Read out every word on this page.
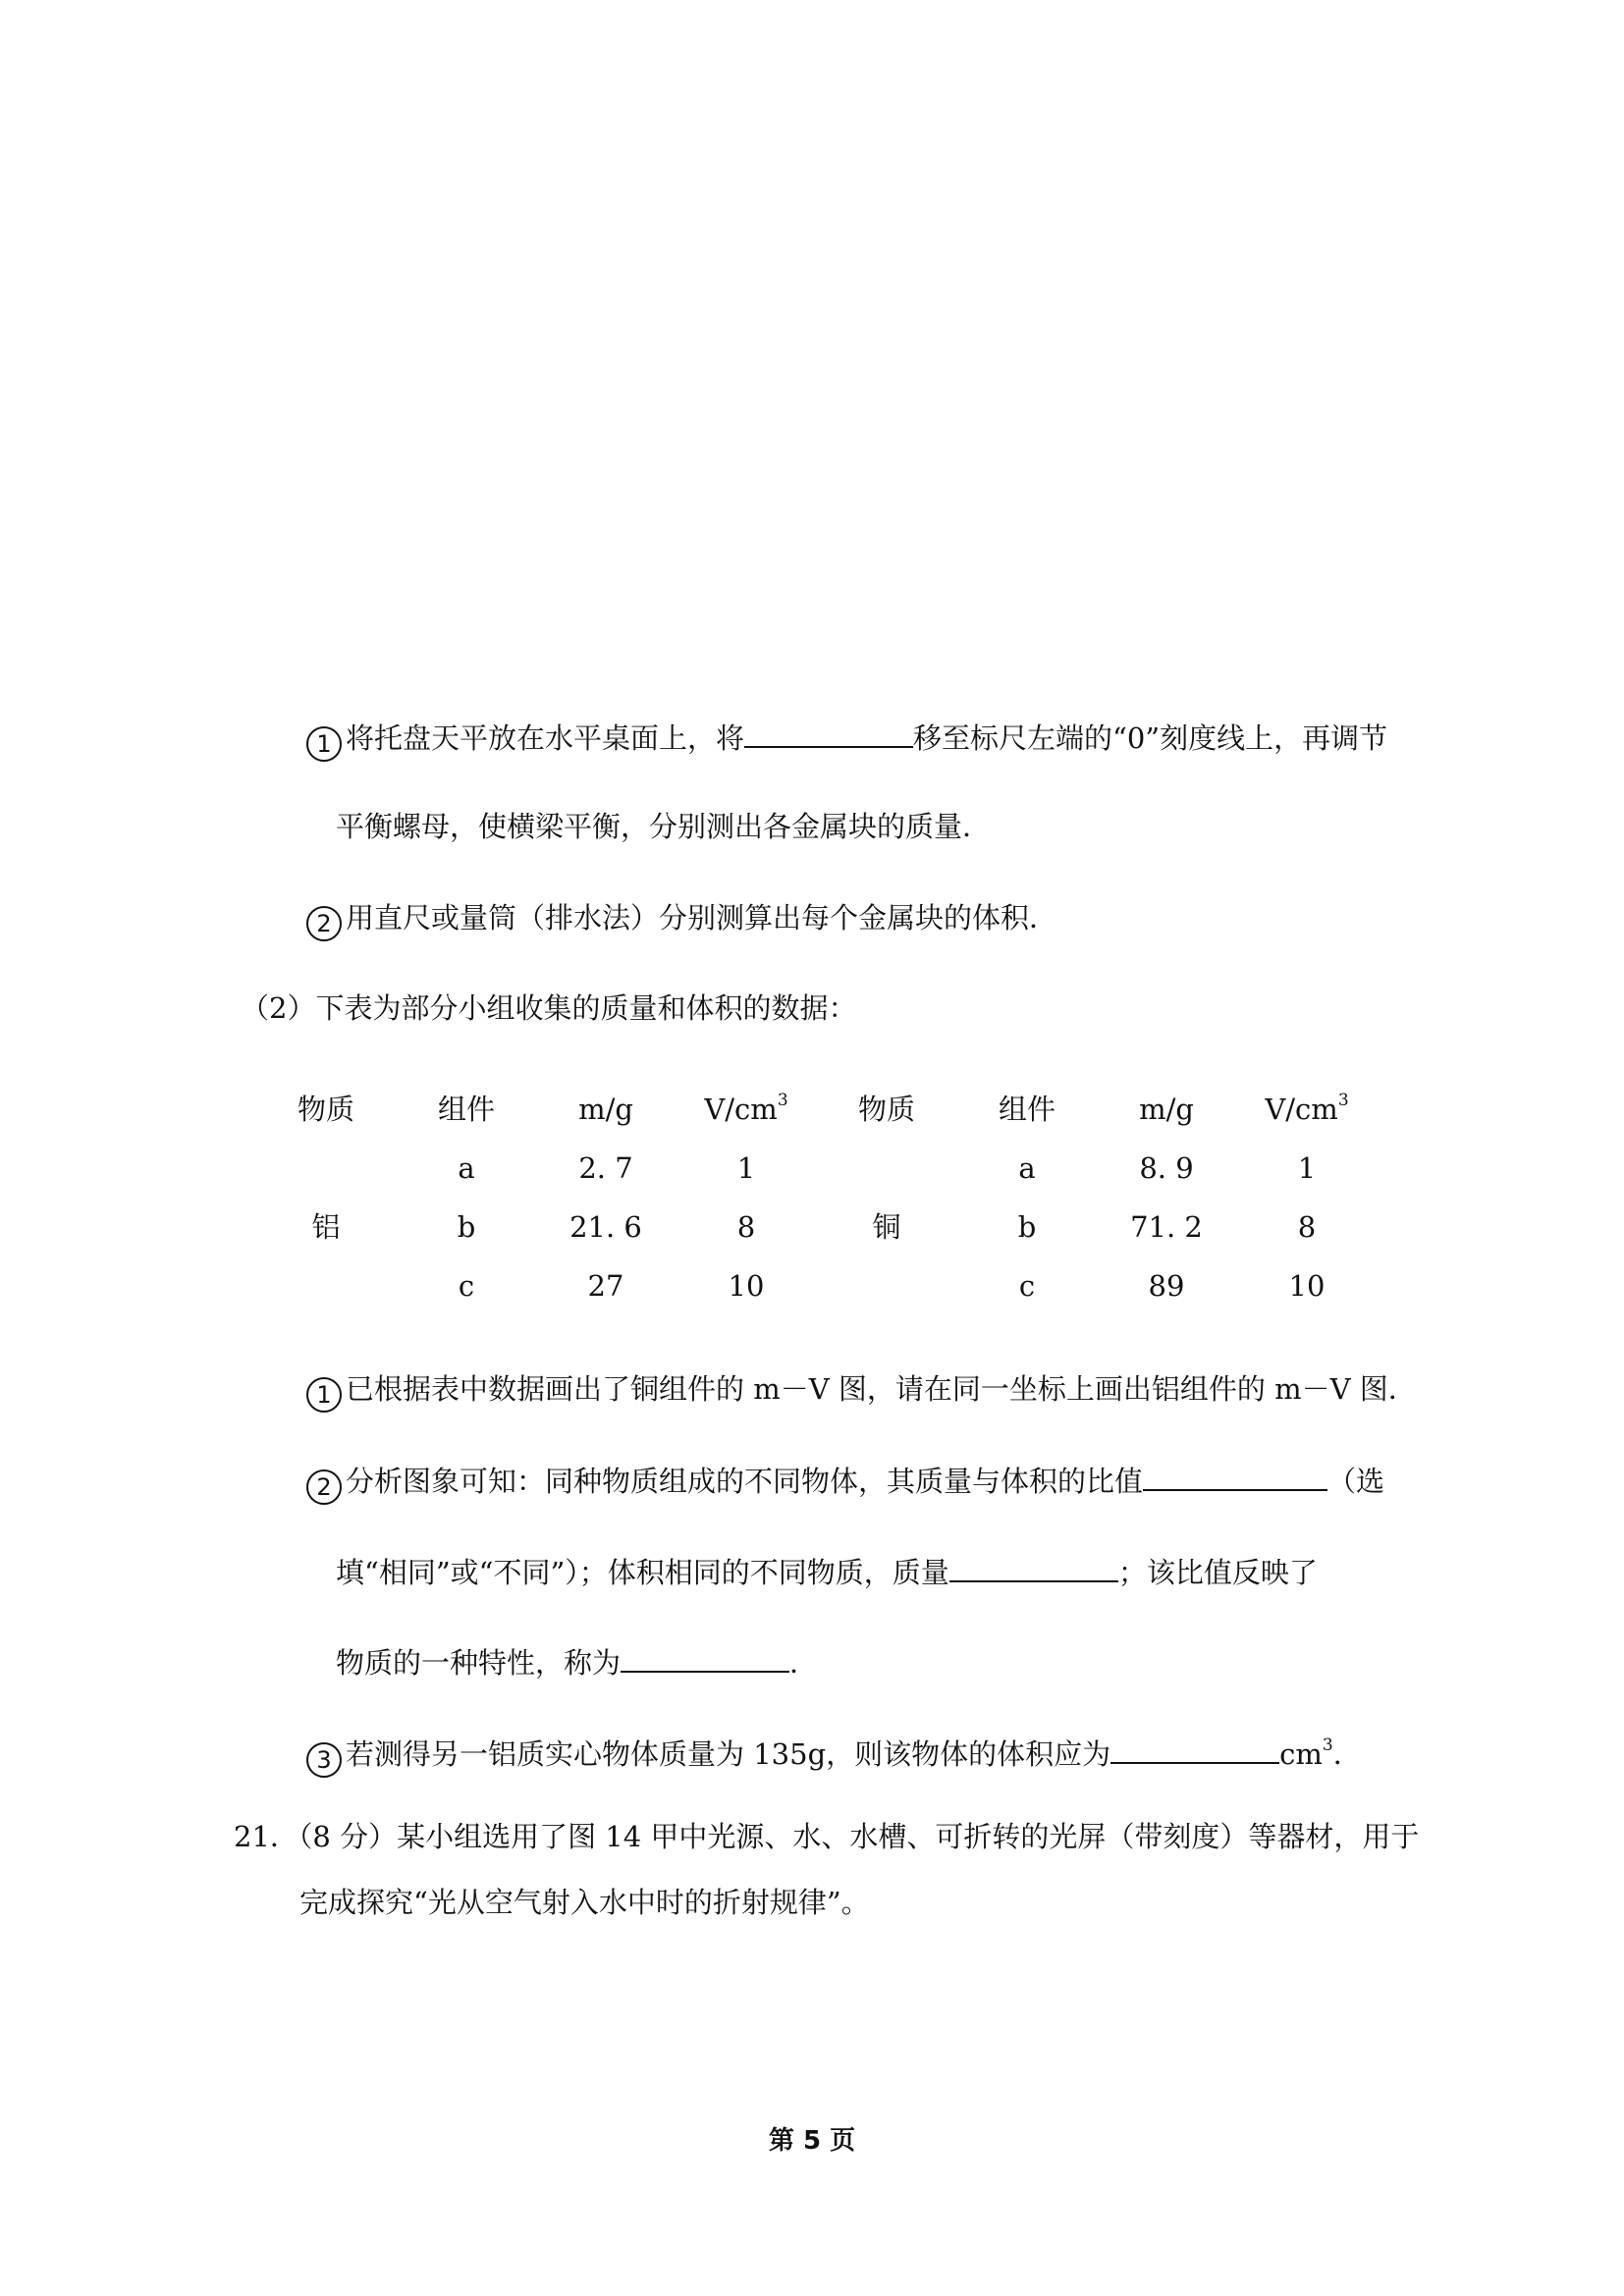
1 将托盘天平放在水平桌面上，将	移至标尺左端的“0”刻度线上，再调节
平衡螺母，使横梁平衡，分别测出各金属块的质量．
2 用直尺或量筒（排水法）分别测算出每个金属块的体积．
（2）下表为部分小组收集的质量和体积的数据：
物质	组件	m/g	$V/cm^3$	物质	组件	m/g	$V/cm^3$
铝	铜
a	2. 7	1	a	8. 9	1
b	21. 6	8	b	71. 2	8
c	27	10	c	89	10
1 已根据表中数据画出了铜组件的 m－V 图，请在同一坐标上画出铝组件的 m－V 图．
2 分析图象可知：同种物质组成的不同物体，其质量与体积的比值	（选
填“相同”或“不同”）；体积相同的不同物质，质量	；该比值反映了
物质的一种特性，称为	．
3 若测得另一铝质实心物体质量为 135g，则该物体的体积应为	$cm^3$．
21．（8 分）某小组选用了图 14 甲中光源、水、水槽、可折转的光屏（带刻度）等器材，用于
完成探究“光从空气射入水中时的折射规律”。
第 5 页
